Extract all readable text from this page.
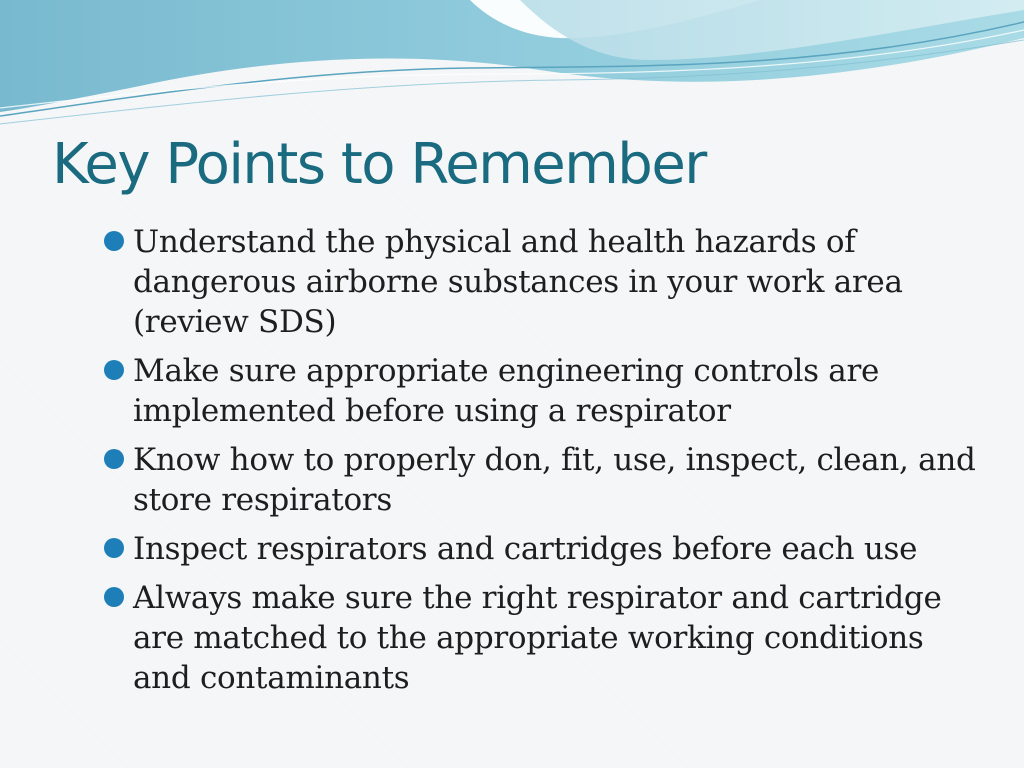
Key Points to Remember
Understand the physical and health hazards of dangerous airborne substances in your work area (review SDS)
Make sure appropriate engineering controls are implemented before using a respirator
Know how to properly don, fit, use, inspect, clean, and store respirators
Inspect respirators and cartridges before each use
Always make sure the right respirator and cartridge are matched to the appropriate working conditions and contaminants
